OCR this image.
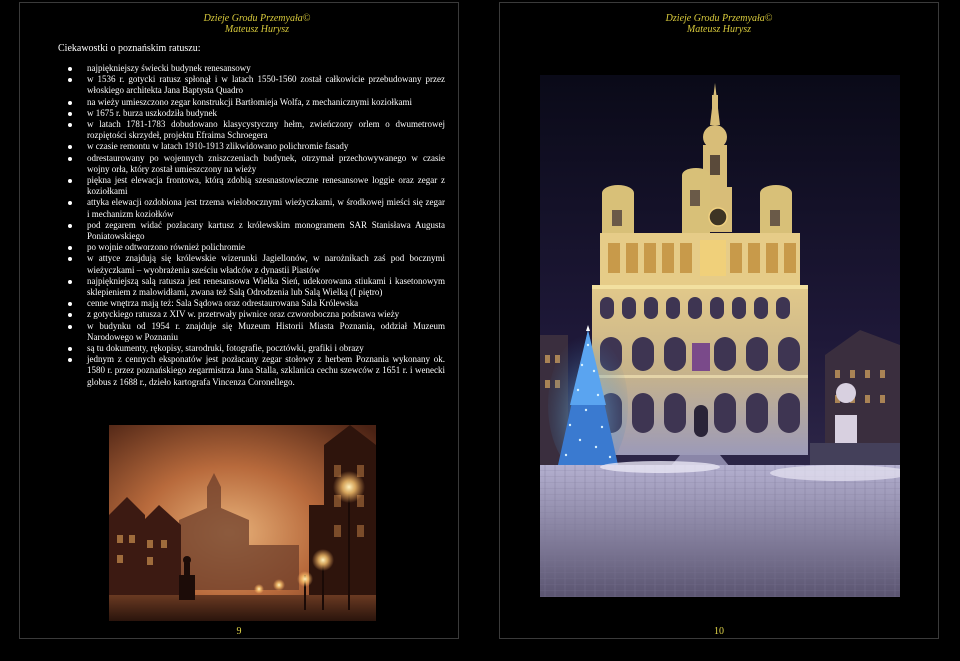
Dzieje Grodu Przemyała©
Mateusz Hurysz
Ciekawostki o poznańskim ratuszu:
najpiękniejszy świecki budynek renesansowy
w 1536 r. gotycki ratusz spłonął i w latach 1550-1560 został całkowicie przebudowany przez włoskiego architekta Jana Baptysta Quadro
na wieży umieszczono zegar konstrukcji Bartłomieja Wolfa, z mechanicznymi koziołkami
w 1675 r. burza uszkodziła budynek
w latach 1781-1783 dobudowano klasycystyczny hełm, zwieńczony orlem o dwumetrowej rozpiętości skrzydeł, projektu Efraima Schroegera
w czasie remontu w latach 1910-1913 zlikwidowano polichromie fasady
odrestaurowany po wojennych zniszczeniach budynek, otrzymał przechowywanego w czasie wojny orła, który został umieszczony na wieży
piękna jest elewacja frontowa, którą zdobią szesnastowieczne renesansowe loggie oraz zegar z koziołkami
attyka elewacji ozdobiona jest trzema wielobocznymi wieżyczkami, w środkowej mieści się zegar i mechanizm koziołków
pod zegarem widać pozłacany kartusz z królewskim monogramem SAR Stanisława Augusta Poniatowskiego
po wojnie odtworzono również polichromie
w attyce znajdują się królewskie wizerunki Jagiellonów, w narożnikach zaś pod bocznymi wieżyczkami – wyobrażenia sześciu władców z dynastii Piastów
najpiękniejszą salą ratusza jest renesansowa Wielka Sień, udekorowana stiukami i kasetonowym sklepieniem z malowidłami, zwana też Salą Odrodzenia lub Salą Wielką (I piętro)
cenne wnętrza mają też: Sala Sądowa oraz odrestaurowana Sala Królewska
z gotyckiego ratusza z XIV w. przetrwały piwnice oraz czworoboczna podstawa wieży
w budynku od 1954 r. znajduje się Muzeum Historii Miasta Poznania, oddział Muzeum Narodowego w Poznaniu
są tu dokumenty, rękopisy, starodruki, fotografie, pocztówki, grafiki i obrazy
jednym z cennych eksponatów jest pozłacany zegar stołowy z herbem Poznania wykonany ok. 1580 r. przez poznańskiego zegarmistrza Jana Stalla, szklanica cechu szewców z 1651 r. i wenecki globus z 1688 r., dzieło kartografa Vincenza Coronellego.
9
Dzieje Grodu Przemyała©
Mateusz Hurysz
10
